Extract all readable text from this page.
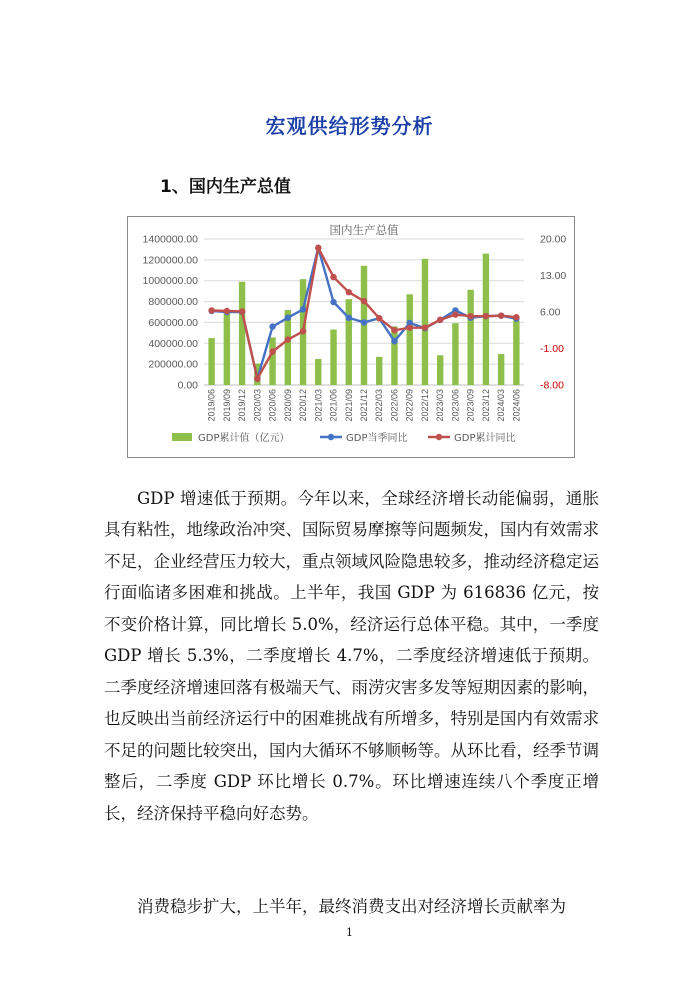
宏观供给形势分析
1、国内生产总值
0.00
200000.00
400000.00
600000.00
800000.00
1000000.00
1200000.00
1400000.00
-8.00
-1.00
6.00
13.00
20.00
国内生产总值
2019/06 2019/09 2019/12 2020/03 2020/06 2020/09 2020/12 2021/03 2021/06 2021/09 2021/12 2022/03 2022/06 2022/09 2022/12 2023/03 2023/06 2023/09 2023/12 2024/03 2024/06
GDP累计值（亿元）	GDP当季同比	GDP累计同比

GDP 增速低于预期。今年以来，全球经济增长动能偏弱，通胀具有粘性，地缘政治冲突、国际贸易摩擦等问题频发，国内有效需求不足，企业经营压力较大，重点领域风险隐患较多，推动经济稳定运行面临诸多困难和挑战。上半年，我国 GDP 为 616836 亿元，按不变价格计算，同比增长 5.0%，经济运行总体平稳。其中，一季度 GDP 增长 5.3%，二季度增长 4.7%，二季度经济增速低于预期。二季度经济增速回落有极端天气、雨涝灾害多发等短期因素的影响，也反映出当前经济运行中的困难挑战有所增多，特别是国内有效需求不足的问题比较突出，国内大循环不够顺畅等。从环比看，经季节调整后，二季度 GDP 环比增长 0.7%。环比增速连续八个季度正增长，经济保持平稳向好态势。

消费稳步扩大，上半年，最终消费支出对经济增长贡献率为

1
